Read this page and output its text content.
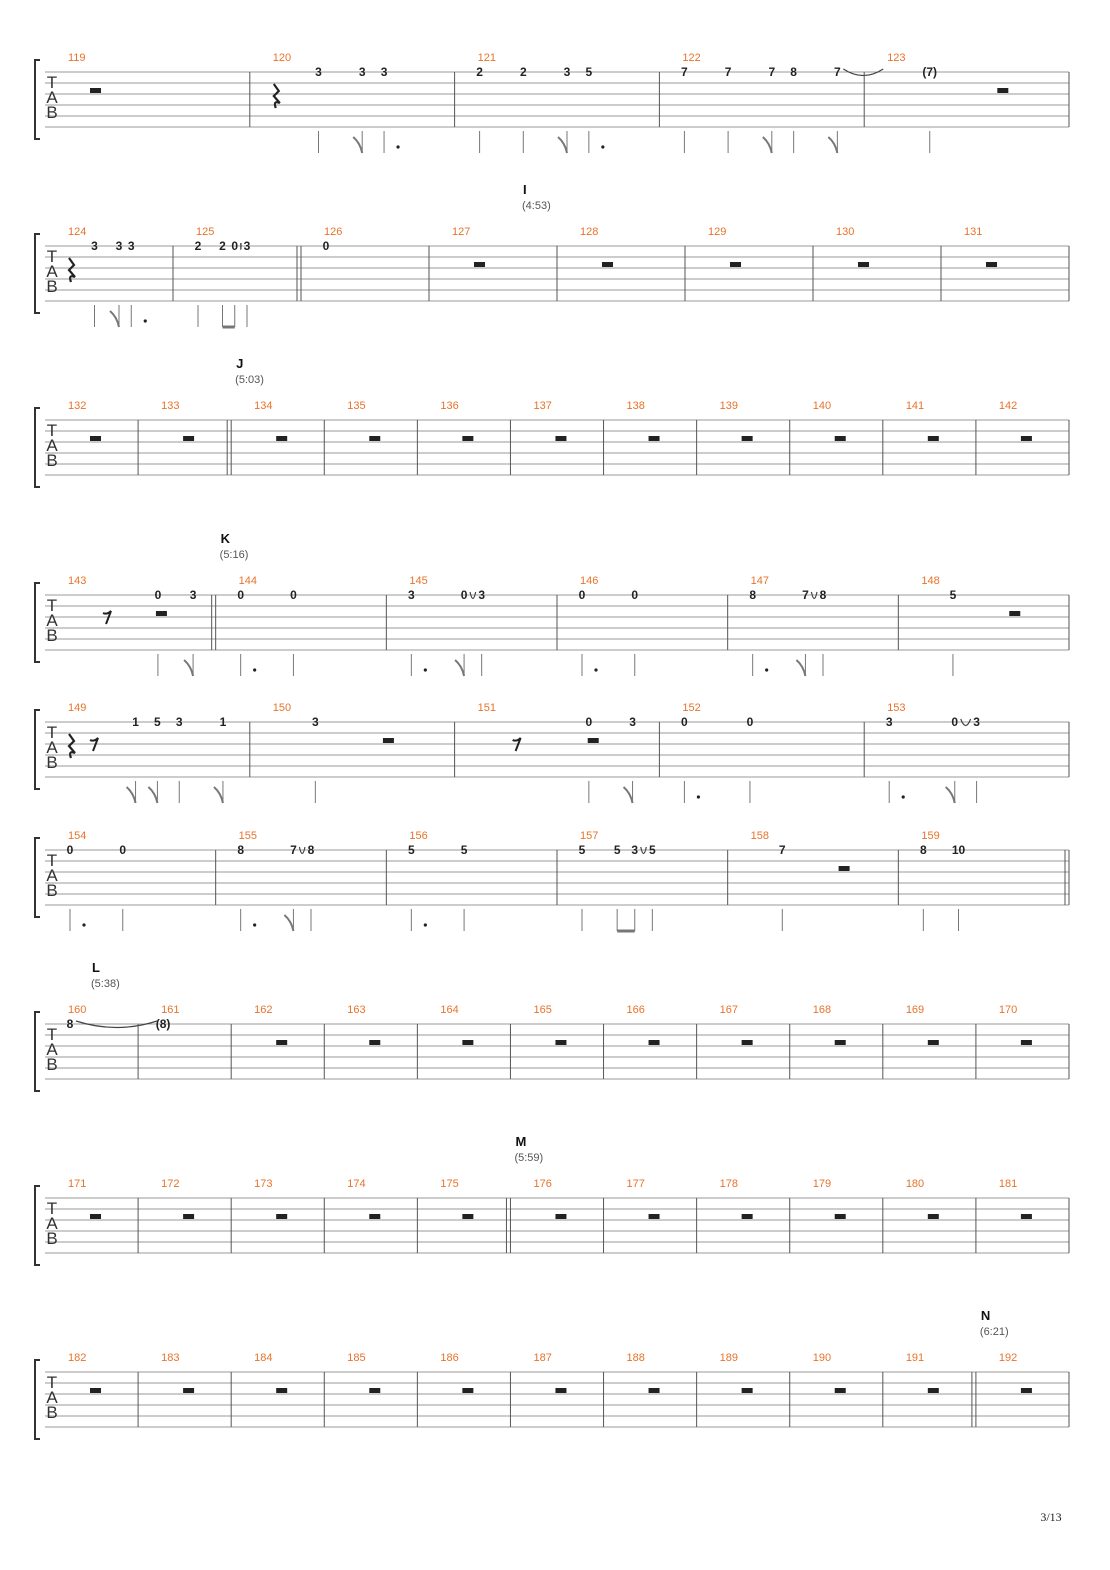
3/13
T
A
B
119	120
3	3 3
121
2	2	3 5
122
7	7	7 8	7
123
(7)
T
A
B
124
3 3 3
125
2 2 0 3
126
0
127	128	129	130	131
I
(4:53)
T
A
B
132	133	134	135	136	137	138	139	140	141	142
J
(5:03)
T
A
B
143
0 3
144
0	0
145
3	0 3
146
0	0
147
8	7 8
148
5
K
(5:16)
T
A
B
149
1 5 3	1
150
3
151
0	3
152
0	0
153
3	0 3
T
A
B
154
0	0
155
8	7 8
156
5	5
157
5 5 3 5
158
7
159
8 10
T
A
B
160
8
161
(8)
162	163	164	165	166	167	168	169	170
L
(5:38)
T
A
B
171	172	173	174	175	176	177	178	179	180	181
M
(5:59)
T
A
B
182	183	184	185	186	187	188	189	190	191	192
N
(6:21)
